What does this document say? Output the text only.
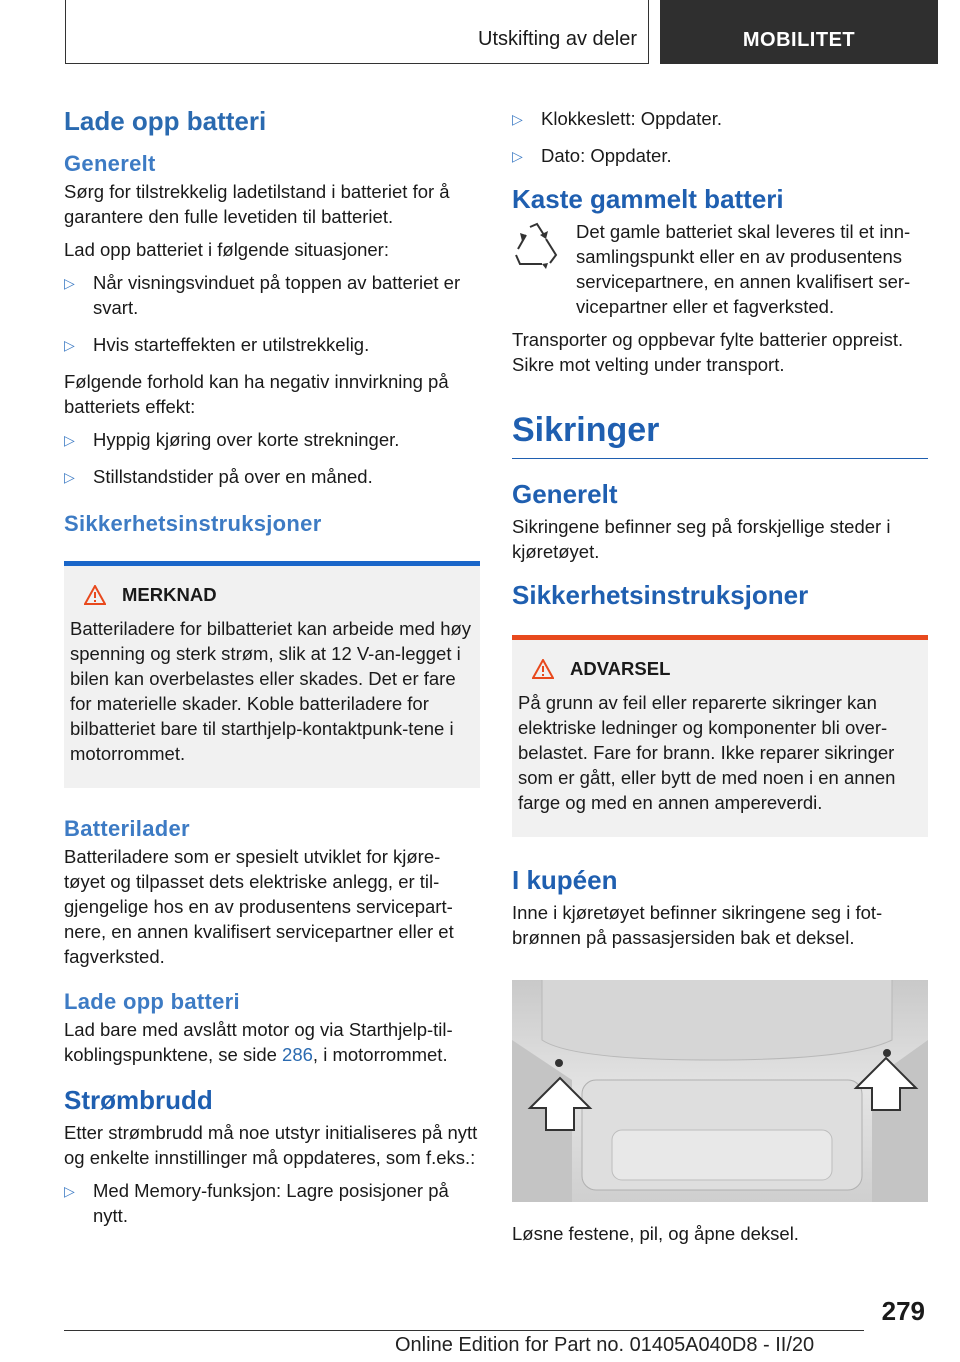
Utskifting av deler	MOBILITET
Lade opp batteri
Generelt
Sørg for tilstrekkelig ladetilstand i batteriet for å garantere den fulle levetiden til batteriet.
Lad opp batteriet i følgende situasjoner:
▷ Når visningsvinduet på toppen av batteriet er svart.
▷ Hvis starteffekten er utilstrekkelig.
Følgende forhold kan ha negativ innvirkning på batteriets effekt:
▷ Hyppig kjøring over korte strekninger.
▷ Stillstandstider på over en måned.
Sikkerhetsinstruksjoner
MERKNAD
Batteriladere for bilbatteriet kan arbeide med høy spenning og sterk strøm, slik at 12 V-an-legget i bilen kan overbelastes eller skades. Det er fare for materielle skader. Koble batteriladere for bilbatteriet bare til starthjelp-kontaktpunk-tene i motorrommet.
Batterilader
Batteriladere som er spesielt utviklet for kjøre-tøyet og tilpasset dets elektriske anlegg, er til-gjengelige hos en av produsentens servicepart-nere, en annen kvalifisert servicepartner eller et fagverksted.
Lade opp batteri
Lad bare med avslått motor og via Starthjelp-til-koblingspunktene, se side 286, i motorrommet.
Strømbrudd
Etter strømbrudd må noe utstyr initialiseres på nytt og enkelte innstillinger må oppdateres, som f.eks.:
▷ Med Memory-funksjon: Lagre posisjoner på nytt.
▷ Klokkeslett: Oppdater.
▷ Dato: Oppdater.
Kaste gammelt batteri
Det gamle batteriet skal leveres til et inn-samlingspunkt eller en av produsentens servicepartnere, en annen kvalifisert ser-vicepartner eller et fagverksted.
Transporter og oppbevar fylte batterier oppreist. Sikre mot velting under transport.
Sikringer
Generelt
Sikringene befinner seg på forskjellige steder i kjøretøyet.
Sikkerhetsinstruksjoner
ADVARSEL
På grunn av feil eller reparerte sikringer kan elektriske ledninger og komponenter bli over-belastet. Fare for brann. Ikke reparer sikringer som er gått, eller bytt de med noen i en annen farge og med en annen ampereverdi.
I kupéen
Inne i kjøretøyet befinner sikringene seg i fot-brønnen på passasjersiden bak et deksel.
Løsne festene, pil, og åpne deksel.
279
Online Edition for Part no. 01405A040D8 - II/20
